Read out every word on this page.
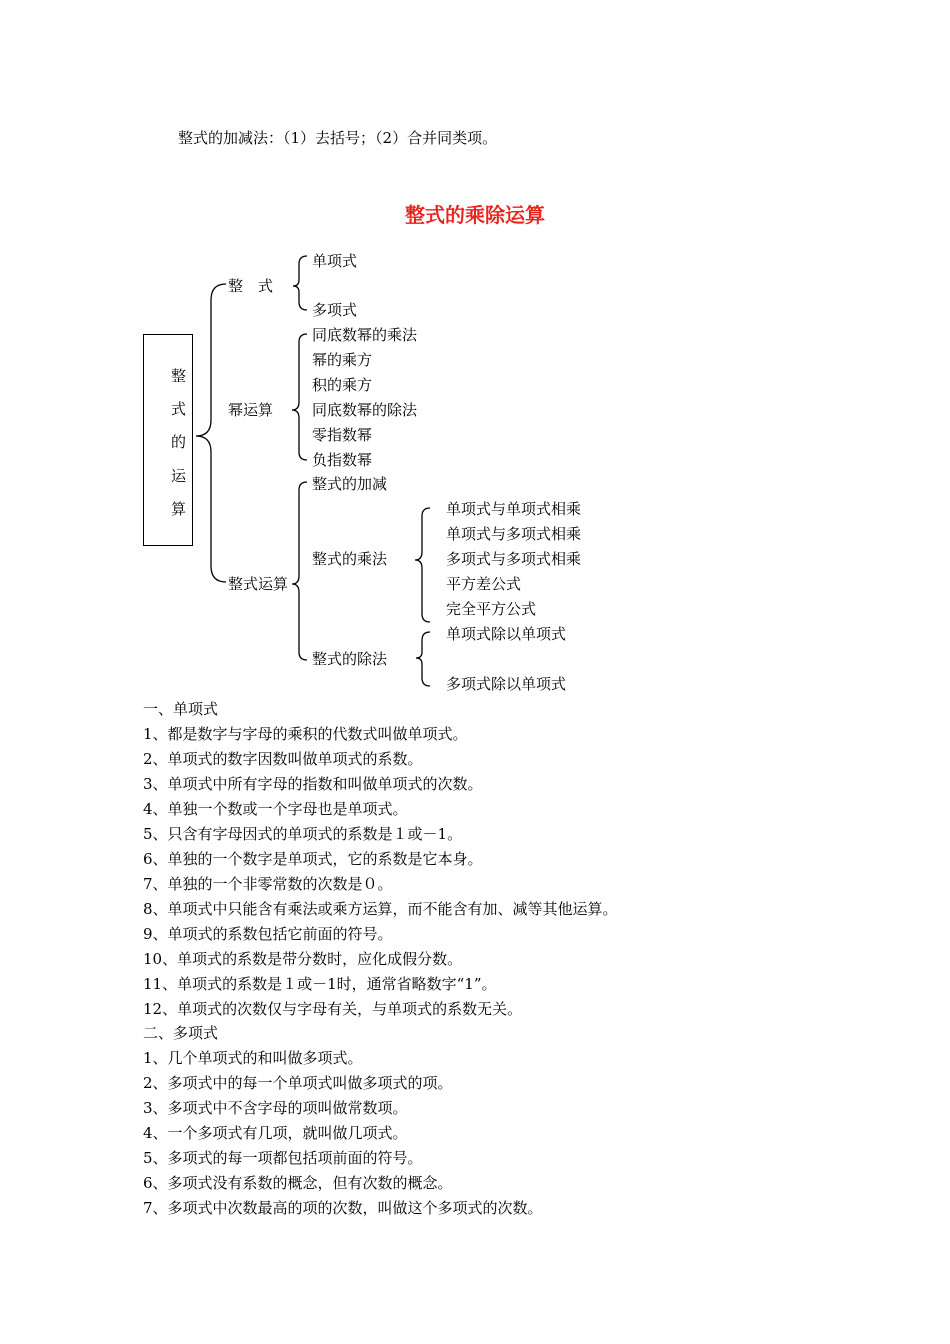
整式的加减法：（1）去括号；（2）合并同类项。
整式的乘除运算
整
式
的
运
算
整　式
单项式
多项式
幂运算
同底数幂的乘法
幂的乘方
积的乘方
同底数幂的除法
零指数幂
负指数幂
整式运算
整式的加减
整式的乘法
整式的除法
单项式与单项式相乘
单项式与多项式相乘
多项式与多项式相乘
平方差公式
完全平方公式
单项式除以单项式
多项式除以单项式
一、单项式
1、都是数字与字母的乘积的代数式叫做单项式。
2、单项式的数字因数叫做单项式的系数。
3、单项式中所有字母的指数和叫做单项式的次数。
4、单独一个数或一个字母也是单项式。
5、只含有字母因式的单项式的系数是１或－1。
6、单独的一个数字是单项式，它的系数是它本身。
7、单独的一个非零常数的次数是０。
8、单项式中只能含有乘法或乘方运算，而不能含有加、减等其他运算。
9、单项式的系数包括它前面的符号。
10、单项式的系数是带分数时，应化成假分数。
11、单项式的系数是１或－1时，通常省略数字“1”。
12、单项式的次数仅与字母有关，与单项式的系数无关。
二、多项式
1、几个单项式的和叫做多项式。
2、多项式中的每一个单项式叫做多项式的项。
3、多项式中不含字母的项叫做常数项。
4、一个多项式有几项，就叫做几项式。
5、多项式的每一项都包括项前面的符号。
6、多项式没有系数的概念，但有次数的概念。
7、多项式中次数最高的项的次数，叫做这个多项式的次数。
